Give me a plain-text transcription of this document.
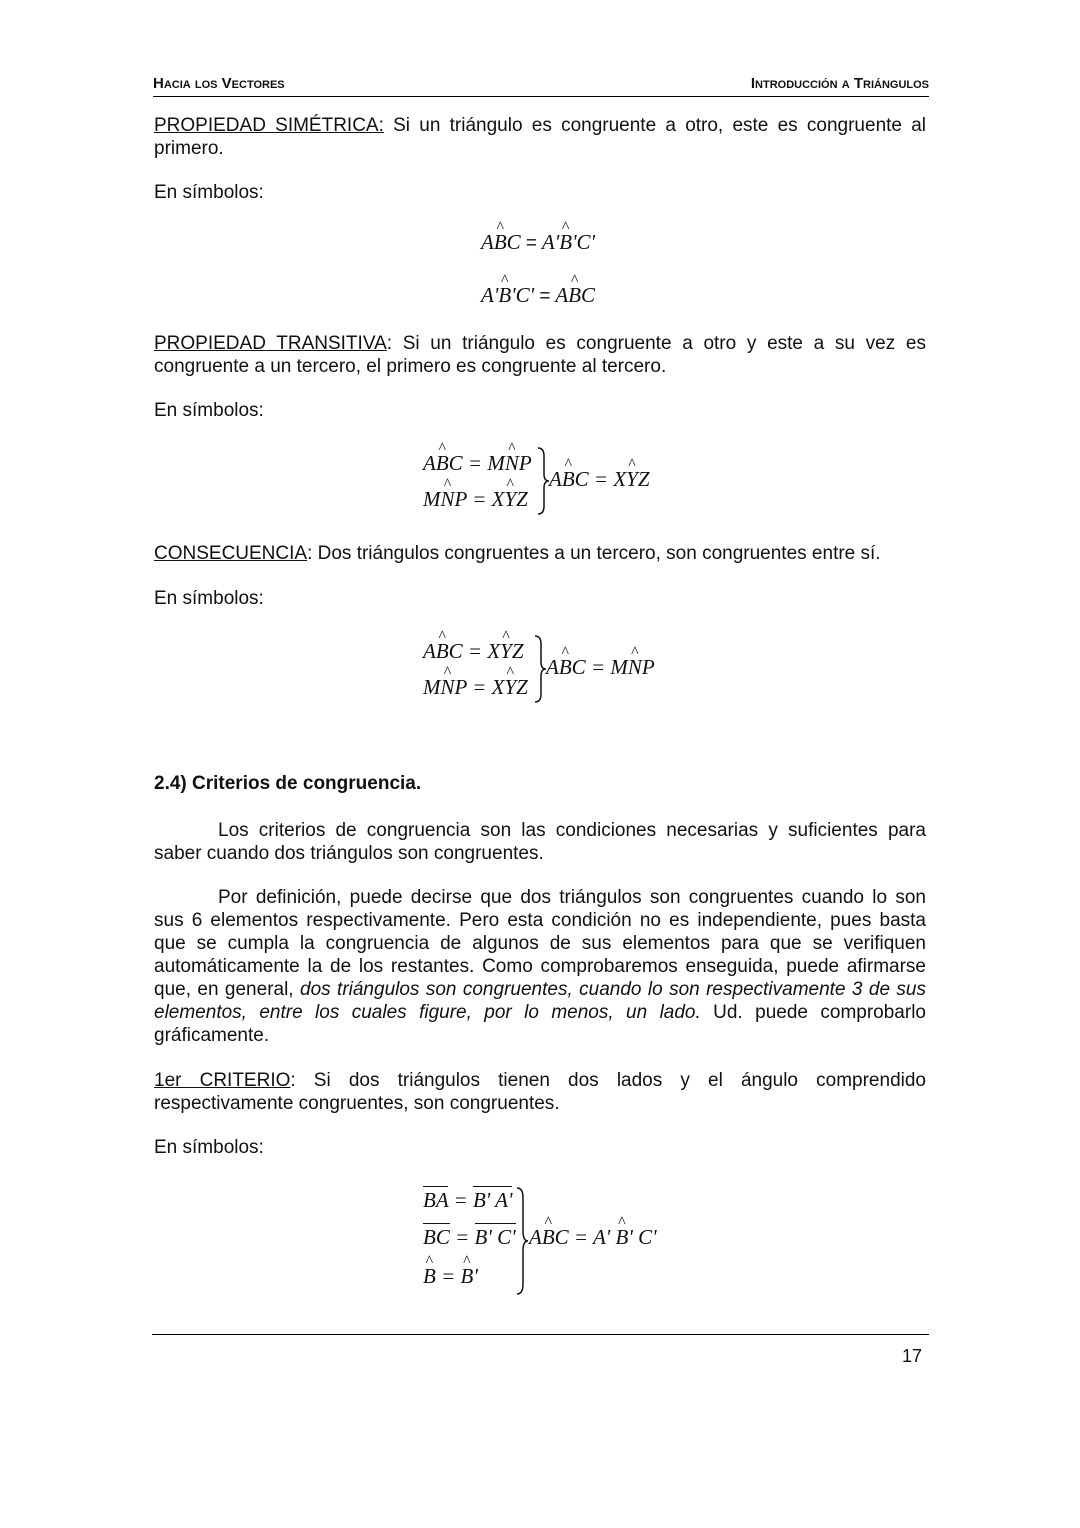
Hacia los Vectores	Introducción a Triángulos
PROPIEDAD SIMÉTRICA: Si un triángulo es congruente a otro, este es congruente al primero.
En símbolos:
A^ BC = A'^ B'C'
A'^ B'C' = A^ BC
PROPIEDAD TRANSITIVA: Si un triángulo es congruente a otro y este a su vez es congruente a un tercero, el primero es congruente al tercero.
En símbolos:
A^ BC = M^ NP
M^ NP = X^ YZ
A^ BC = X^ YZ
CONSECUENCIA: Dos triángulos congruentes a un tercero, son congruentes entre sí.
En símbolos:
A^ BC = X^ YZ
M^ NP = X^ YZ
A^ BC = M^ NP
2.4) Criterios de congruencia.
Los criterios de congruencia son las condiciones necesarias y suficientes para saber cuando dos triángulos son congruentes.
Por definición, puede decirse que dos triángulos son congruentes cuando lo son sus 6 elementos respectivamente. Pero esta condición no es independiente, pues basta que se cumpla la congruencia de algunos de sus elementos para que se verifiquen automáticamente la de los restantes. Como comprobaremos enseguida, puede afirmarse que, en general, dos triángulos son congruentes, cuando lo son respectivamente 3 de sus elementos, entre los cuales figure, por lo menos, un lado. Ud. puede comprobarlo gráficamente.
1er CRITERIO: Si dos triángulos tienen dos lados y el ángulo comprendido respectivamente congruentes, son congruentes.
En símbolos:
BA = B' A'
BC = B' C'
^ B = ^ B'
A^ BC = A' ^ B' C'
17
